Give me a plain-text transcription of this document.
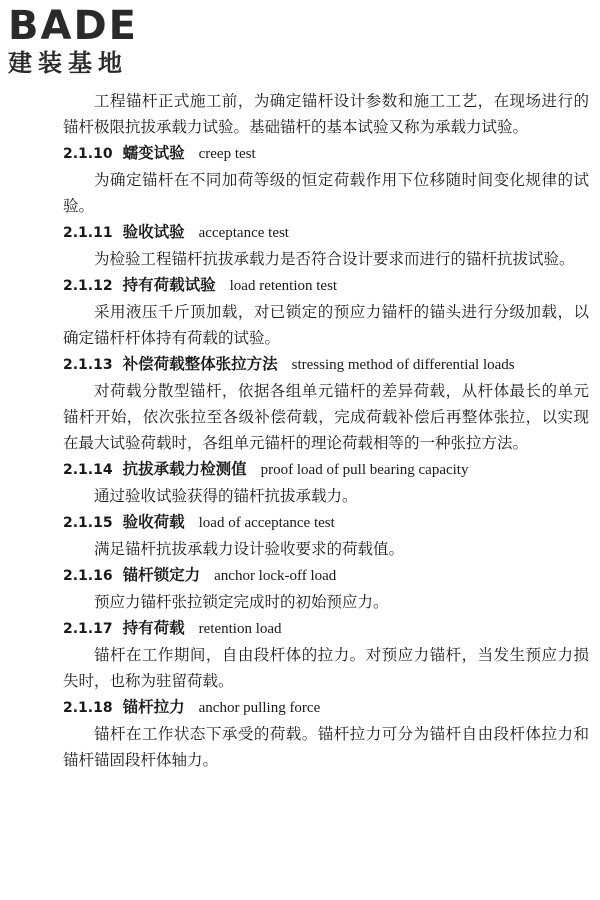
BADE
建装基地

工程锚杆正式施工前，为确定锚杆设计参数和施工工艺，在现场进行的锚杆极限抗拔承载力试验。基础锚杆的基本试验又称为承载力试验。

2.1.10 蠕变试验 creep test

为确定锚杆在不同加荷等级的恒定荷载作用下位移随时间变化规律的试验。

2.1.11 验收试验 acceptance test

为检验工程锚杆抗拔承载力是否符合设计要求而进行的锚杆抗拔试验。

2.1.12 持有荷载试验 load retention test

采用液压千斤顶加载，对已锁定的预应力锚杆的锚头进行分级加载，以确定锚杆杆体持有荷载的试验。

2.1.13 补偿荷载整体张拉方法 stressing method of differential loads

对荷载分散型锚杆，依据各组单元锚杆的差异荷载，从杆体最长的单元锚杆开始，依次张拉至各级补偿荷载，完成荷载补偿后再整体张拉，以实现在最大试验荷载时，各组单元锚杆的理论荷载相等的一种张拉方法。

2.1.14 抗拔承载力检测值 proof load of pull bearing capacity

通过验收试验获得的锚杆抗拔承载力。

2.1.15 验收荷载 load of acceptance test

满足锚杆抗拔承载力设计验收要求的荷载值。

2.1.16 锚杆锁定力 anchor lock-off load

预应力锚杆张拉锁定完成时的初始预应力。

2.1.17 持有荷载 retention load

锚杆在工作期间，自由段杆体的拉力。对预应力锚杆，当发生预应力损失时，也称为驻留荷载。

2.1.18 锚杆拉力 anchor pulling force

锚杆在工作状态下承受的荷载。锚杆拉力可分为锚杆自由段杆体拉力和锚杆锚固段杆体轴力。
